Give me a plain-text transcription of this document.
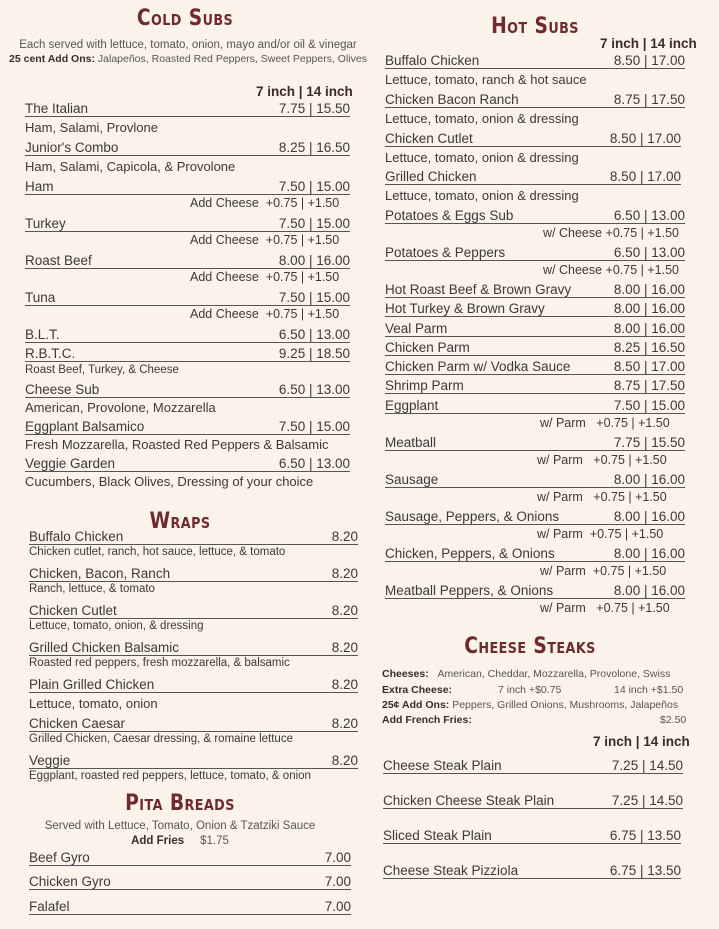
Cold Subs
Each served with lettuce, tomato, onion, mayo and/or oil & vinegar
25 cent Add Ons: Jalapeños, Roasted Red Peppers, Sweet Peppers, Olives
7 inch | 14 inch
The Italian	7.75 | 15.50
Ham, Salami, Provlone
Junior's Combo	8.25 | 16.50
Ham, Salami, Capicola, & Provolone
Ham	7.50 | 15.00
Add Cheese +0.75 | +1.50
Turkey	7.50 | 15.00
Add Cheese +0.75 | +1.50
Roast Beef	8.00 | 16.00
Add Cheese +0.75 | +1.50
Tuna	7.50 | 15.00
Add Cheese +0.75 | +1.50
B.L.T.	6.50 | 13.00
R.B.T.C.	9.25 | 18.50
Roast Beef, Turkey, & Cheese
Cheese Sub	6.50 | 13.00
American, Provolone, Mozzarella
Eggplant Balsamico	7.50 | 15.00
Fresh Mozzarella, Roasted Red Peppers & Balsamic
Veggie Garden	6.50 | 13.00
Cucumbers, Black Olives, Dressing of your choice
Wraps
Buffalo Chicken	8.20
Chicken cutlet, ranch, hot sauce, lettuce, & tomato
Chicken, Bacon, Ranch	8.20
Ranch, lettuce, & tomato
Chicken Cutlet	8.20
Lettuce, tomato, onion, & dressing
Grilled Chicken Balsamic	8.20
Roasted red peppers, fresh mozzarella, & balsamic
Plain Grilled Chicken	8.20
Lettuce, tomato, onion
Chicken Caesar	8.20
Grilled Chicken, Caesar dressing, & romaine lettuce
Veggie	8.20
Eggplant, roasted red peppers, lettuce, tomato, & onion
Pita Breads
Served with Lettuce, Tomato, Onion & Tzatziki Sauce
Add Fries $1.75
Beef Gyro	7.00
Chicken Gyro	7.00
Falafel	7.00
Hot Subs
7 inch | 14 inch
Buffalo Chicken	8.50 | 17.00
Lettuce, tomato, ranch & hot sauce
Chicken Bacon Ranch	8.75 | 17.50
Lettuce, tomato, onion & dressing
Chicken Cutlet	8.50 | 17.00
Lettuce, tomato, onion & dressing
Grilled Chicken	8.50 | 17.00
Lettuce, tomato, onion & dressing
Potatoes & Eggs Sub	6.50 | 13.00
w/ Cheese +0.75 | +1.50
Potatoes & Peppers	6.50 | 13.00
w/ Cheese +0.75 | +1.50
Hot Roast Beef & Brown Gravy	8.00 | 16.00
Hot Turkey & Brown Gravy	8.00 | 16.00
Veal Parm	8.00 | 16.00
Chicken Parm	8.25 | 16.50
Chicken Parm w/ Vodka Sauce	8.50 | 17.00
Shrimp Parm	8.75 | 17.50
Eggplant	7.50 | 15.00
w/ Parm +0.75 | +1.50
Meatball	7.75 | 15.50
w/ Parm +0.75 | +1.50
Sausage	8.00 | 16.00
w/ Parm +0.75 | +1.50
Sausage, Peppers, & Onions	8.00 | 16.00
w/ Parm +0.75 | +1.50
Chicken, Peppers, & Onions	8.00 | 16.00
w/ Parm +0.75 | +1.50
Meatball Peppers, & Onions	8.00 | 16.00
w/ Parm +0.75 | +1.50
Cheese Steaks
Cheeses: American, Cheddar, Mozzarella, Provolone, Swiss
Extra Cheese:	7 inch +$0.75	14 inch +$1.50
25¢ Add Ons: Peppers, Grilled Onions, Mushrooms, Jalapeños
Add French Fries:	$2.50
7 inch | 14 inch
Cheese Steak Plain	7.25 | 14.50
Chicken Cheese Steak Plain	7.25 | 14.50
Sliced Steak Plain	6.75 | 13.50
Cheese Steak Pizziola	6.75 | 13.50
